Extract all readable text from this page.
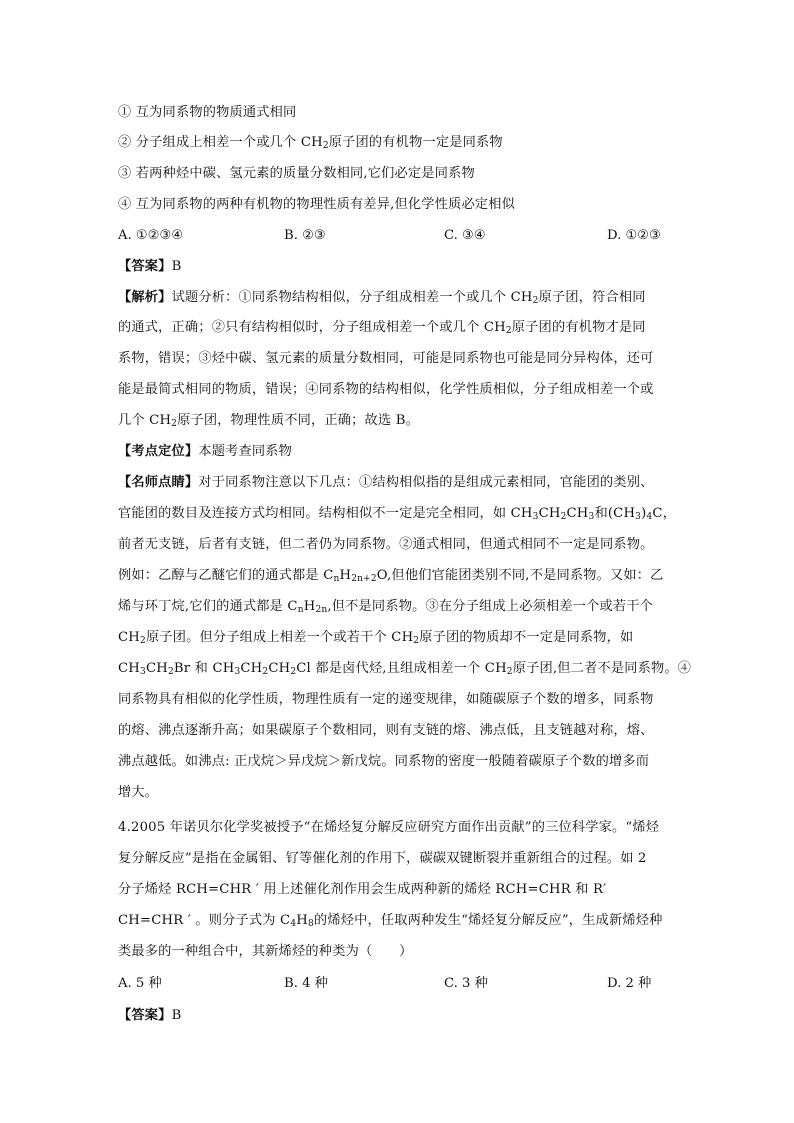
① 互为同系物的物质通式相同
② 分子组成上相差一个或几个 $CH_2$原子团的有机物一定是同系物
③ 若两种烃中碳、氢元素的质量分数相同,它们必定是同系物
④ 互为同系物的两种有机物的物理性质有差异,但化学性质必定相似
A. ①②③④	B. ②③	C. ③④	D. ①②③
【答案】B
【解析】试题分析：①同系物结构相似，分子组成相差一个或几个 $CH_2$原子团，符合相同
的通式，正确；②只有结构相似时，分子组成相差一个或几个 $CH_2$原子团的有机物才是同
系物，错误；③烃中碳、氢元素的质量分数相同，可能是同系物也可能是同分异构体，还可
能是最简式相同的物质，错误；④同系物的结构相似，化学性质相似，分子组成相差一个或
几个 $CH_2$原子团，物理性质不同，正确；故选 B。
【考点定位】本题考查同系物
【名师点睛】对于同系物注意以下几点：①结构相似指的是组成元素相同，官能团的类别、
官能团的数目及连接方式均相同。结构相似不一定是完全相同，如 $CH_3CH_2CH_3$和$(CH_3)_4C$，
前者无支链，后者有支链，但二者仍为同系物。②通式相同，但通式相同不一定是同系物。
例如：乙醇与乙醚它们的通式都是 $C_nH_{2n+2}O$,但他们官能团类别不同,不是同系物。又如：乙
烯与环丁烷,它们的通式都是 $C_nH_{2n}$,但不是同系物。③在分子组成上必须相差一个或若干个
$CH_2$原子团。但分子组成上相差一个或若干个 $CH_2$原子团的物质却不一定是同系物，如
$CH_3CH_2Br$ 和 $CH_3CH_2CH_2Cl$ 都是卤代烃,且组成相差一个 $CH_2$原子团,但二者不是同系物。④
同系物具有相似的化学性质，物理性质有一定的递变规律，如随碳原子个数的增多，同系物
的熔、沸点逐渐升高；如果碳原子个数相同，则有支链的熔、沸点低，且支链越对称，熔、
沸点越低。如沸点: 正戊烷＞异戊烷＞新戊烷。同系物的密度一般随着碳原子个数的增多而
增大。
4.2005 年诺贝尔化学奖被授予“在烯烃复分解反应研究方面作出贡献”的三位科学家。“烯烃
复分解反应”是指在金属钼、钌等催化剂的作用下，碳碳双键断裂并重新组合的过程。如 2
分子烯烃 RCH=CHR ′ 用上述催化剂作用会生成两种新的烯烃 RCH=CHR 和 R′
CH=CHR ′ 。则分子式为 $C_4H_8$的烯烃中，任取两种发生“烯烃复分解反应”，生成新烯烃种
类最多的一种组合中，其新烯烃的种类为（　　）
A. 5 种	B. 4 种	C. 3 种	D. 2 种
【答案】B
